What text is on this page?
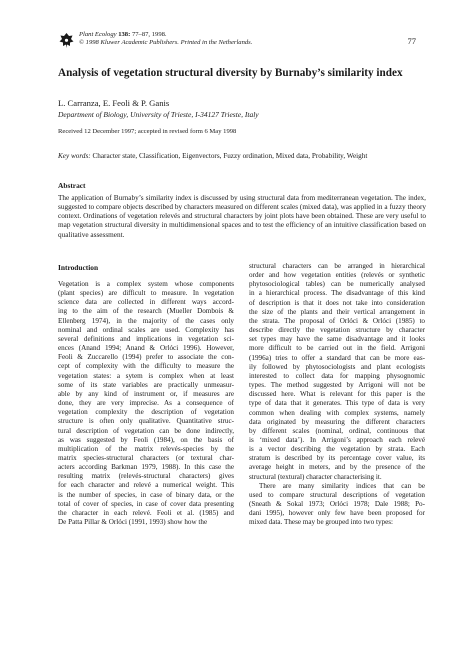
Plant Ecology 138: 77–87, 1998.
© 1998 Kluwer Academic Publishers. Printed in the Netherlands.	77
Analysis of vegetation structural diversity by Burnaby’s similarity index
L. Carranza, E. Feoli & P. Ganis
Department of Biology, University of Trieste, I-34127 Trieste, Italy
Received 12 December 1997; accepted in revised form 6 May 1998
Key words: Character state, Classification, Eigenvectors, Fuzzy ordination, Mixed data, Probability, Weight
Abstract
The application of Burnaby’s similarity index is discussed by using structural data from mediterranean vegetation. The index, suggested to compare objects described by characters measured on different scales (mixed data), was applied in a fuzzy theory context. Ordinations of vegetation relevés and structural characters by joint plots have been obtained. These are very useful to map vegetation structural diversity in multidimensional spaces and to test the efficiency of an intuitive classification based on qualitative assessment.
Introduction
Vegetation is a complex system whose components
(plant species) are difficult to measure. In vegetation
science data are collected in different ways accord-
ing to the aim of the research (Mueller Dombois &
Ellenberg 1974), in the majority of the cases only
nominal and ordinal scales are used. Complexity has
several definitions and implications in vegetation sci-
ences (Anand 1994; Anand & Orlóci 1996). However,
Feoli & Zuccarello (1994) prefer to associate the con-
cept of complexity with the difficulty to measure the
vegetation states: a sytem is complex when at least
some of its state variables are practically unmeasur-
able by any kind of instrument or, if measures are
done, they are very imprecise. As a consequence of
vegetation complexity the description of vegetation
structure is often only qualitative. Quantitative struc-
tural description of vegetation can be done indirectly,
as was suggested by Feoli (1984), on the basis of
multiplication of the matrix relevés-species by the
matrix species-structural characters (or textural char-
acters according Barkman 1979, 1988). In this case the
resulting matrix (relevés-structural characters) gives
for each character and relevé a numerical weight. This
is the number of species, in case of binary data, or the
total of cover of species, in case of cover data presenting
the character in each relevé. Feoli et al. (1985) and
De Patta Pillar & Orlóci (1991, 1993) show how the
structural characters can be arranged in hierarchical
order and how vegetation entities (relevés or synthetic
phytosociological tables) can be numerically analysed
in a hierarchical process. The disadvantage of this kind
of description is that it does not take into consideration
the size of the plants and their vertical arrangement in
the strata. The proposal of Orlóci & Orlóci (1985) to
describe directly the vegetation structure by character
set types may have the same disadvantage and it looks
more difficult to be carried out in the field. Arrigoni
(1996a) tries to offer a standard that can be more eas-
ily followed by phytosociologists and plant ecologists
interested to collect data for mapping physognomic
types. The method suggested by Arrigoni will not be
discussed here. What is relevant for this paper is the
type of data that it generates. This type of data is very
common when dealing with complex systems, namely
data originated by measuring the different characters
by different scales (nominal, ordinal, continuous that
is ‘mixed data’). In Arrigoni’s approach each relevé
is a vector describing the vegetation by strata. Each
stratum is described by its percentage cover value, its
average height in meters, and by the presence of the
structural (textural) character characterising it.
There are many similarity indices that can be
used to compare structural descriptions of vegetation
(Sneath & Sokal 1973; Orlóci 1978; Dale 1988; Po-
dani 1995), however only few have been proposed for
mixed data. These may be grouped into two types:
